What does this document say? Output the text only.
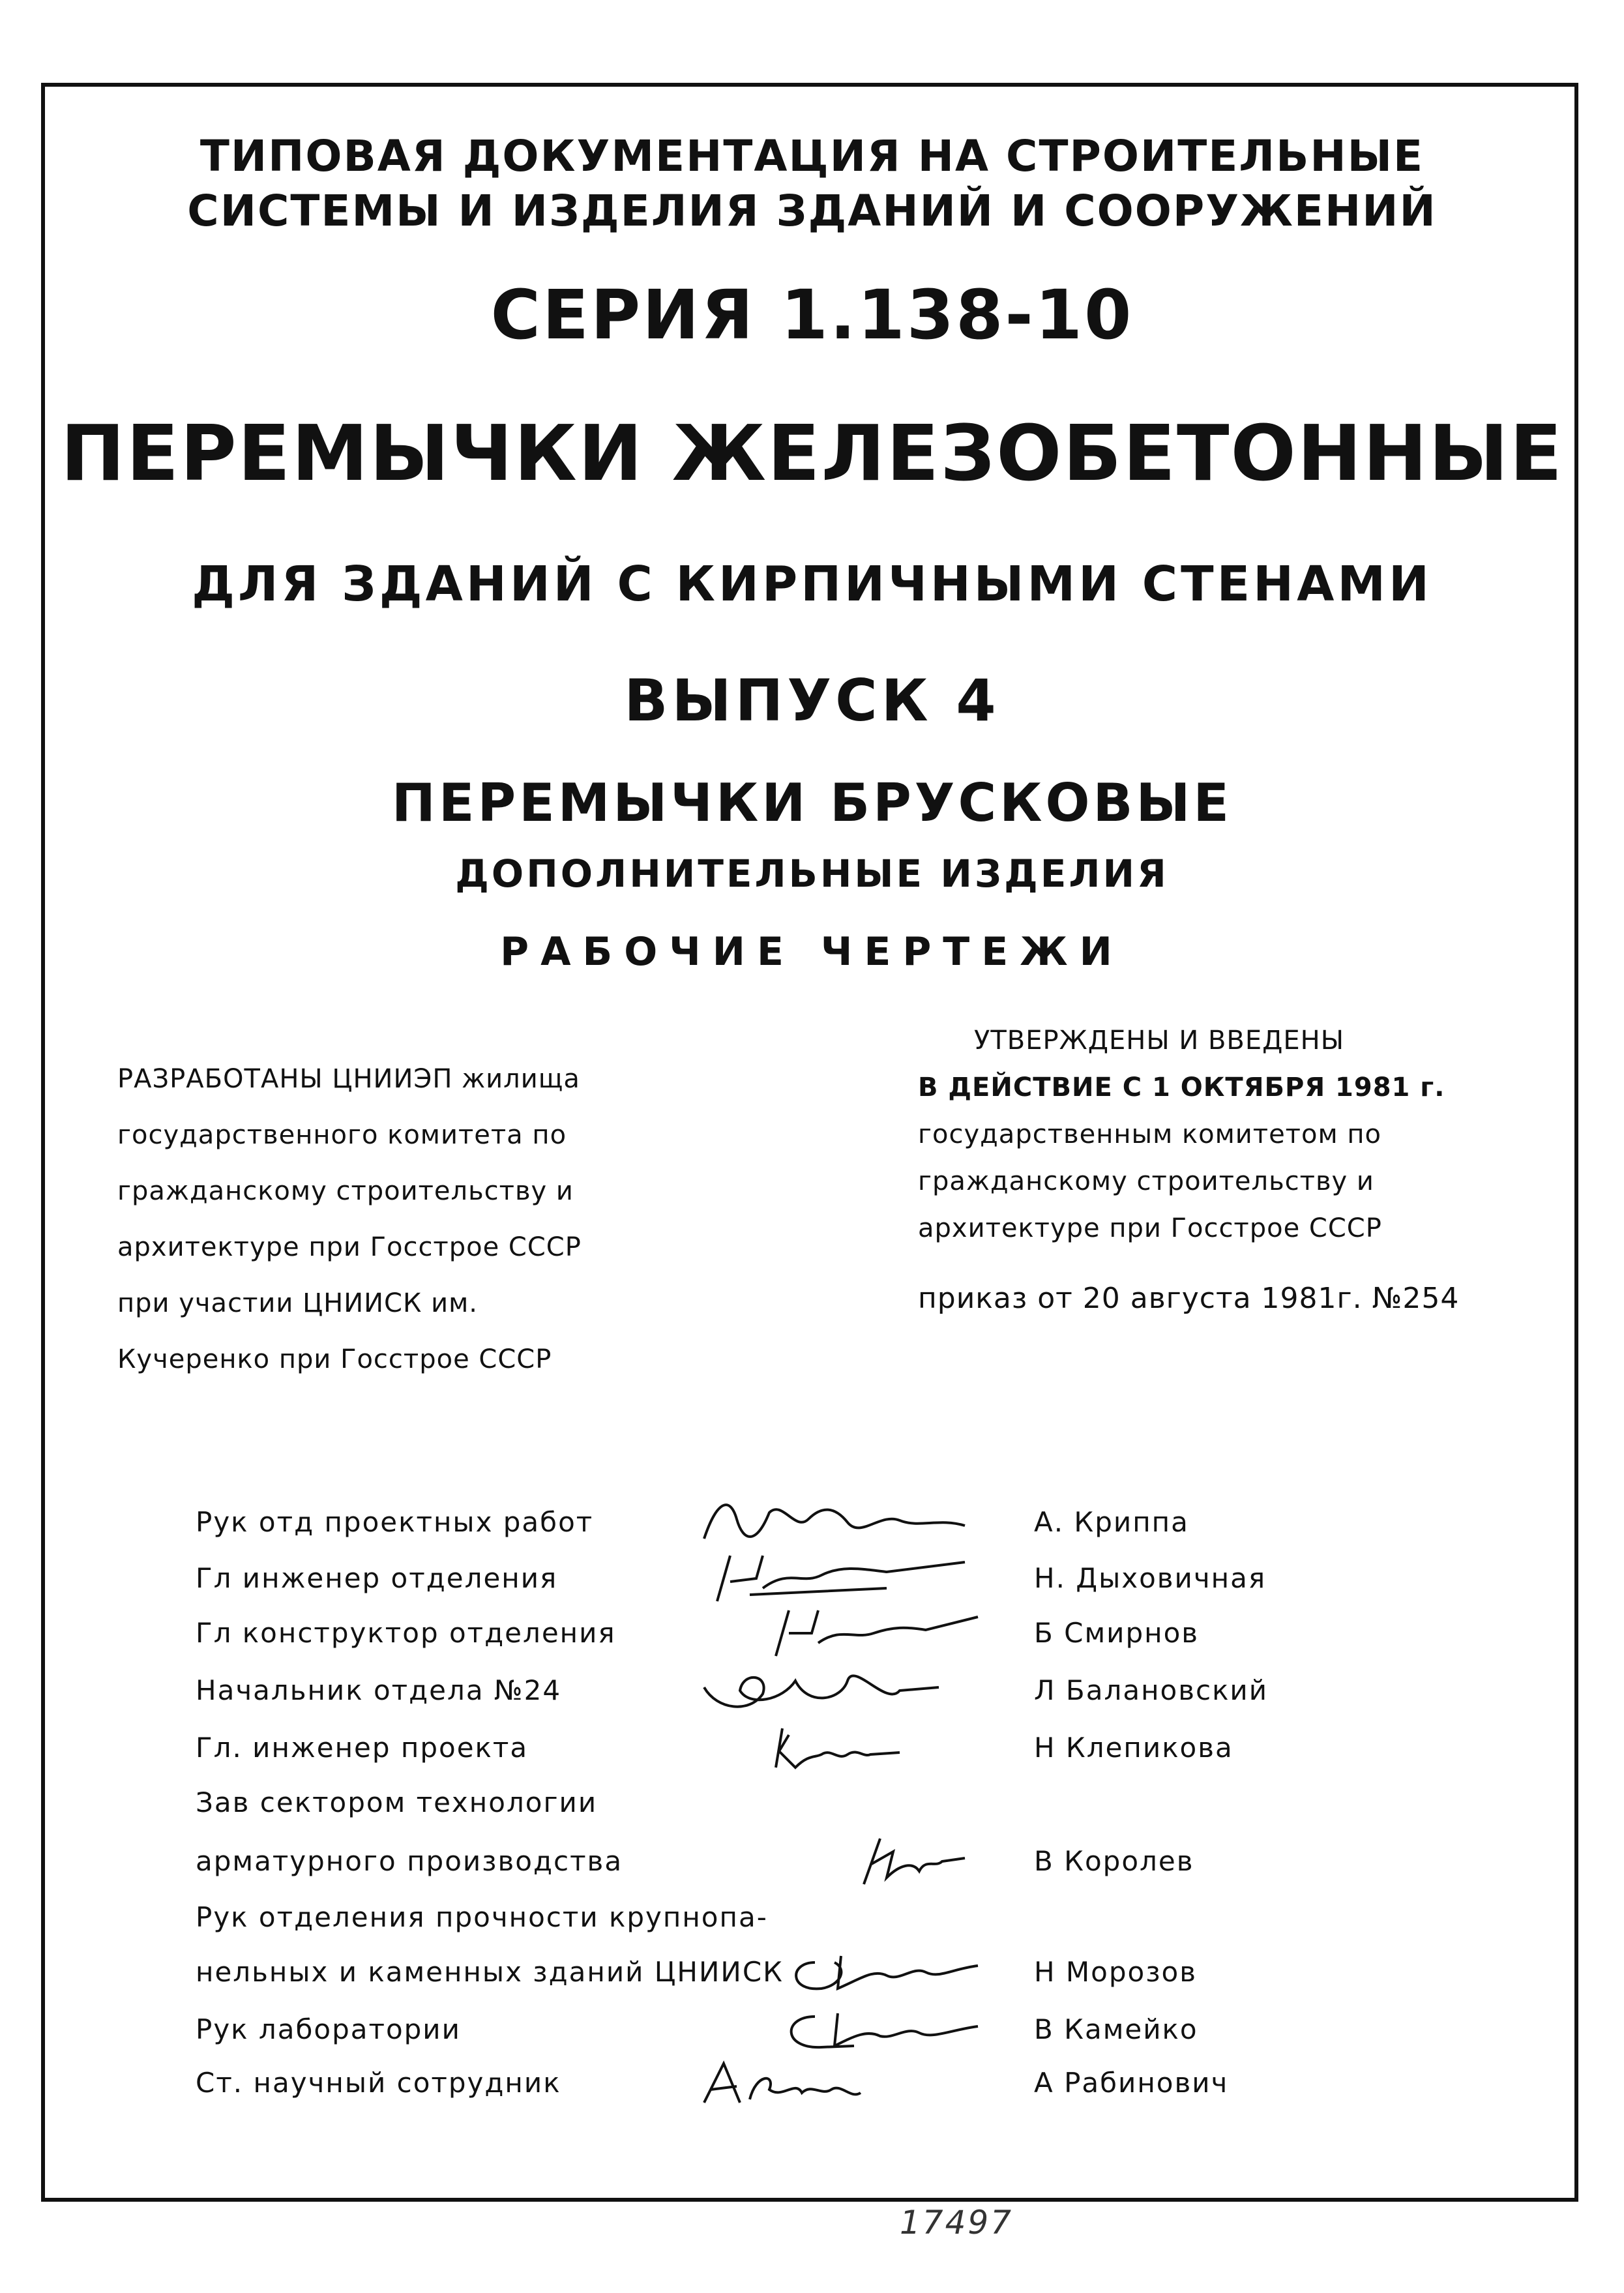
ТИПОВАЯ ДОКУМЕНТАЦИЯ НА СТРОИТЕЛЬНЫЕ
СИСТЕМЫ И ИЗДЕЛИЯ ЗДАНИЙ И СООРУЖЕНИЙ
СЕРИЯ 1.138-10
ПЕРЕМЫЧКИ ЖЕЛЕЗОБЕТОННЫЕ
ДЛЯ ЗДАНИЙ С КИРПИЧНЫМИ СТЕНАМИ
ВЫПУСК 4
ПЕРЕМЫЧКИ БРУСКОВЫЕ
ДОПОЛНИТЕЛЬНЫЕ ИЗДЕЛИЯ
РАБОЧИЕ ЧЕРТЕЖИ
РАЗРАБОТАНЫ ЦНИИЭП жилища
государственного комитета по
гражданскому строительству и
архитектуре при Госстрое СССР
при участии ЦНИИСК им.
Кучеренко при Госстрое СССР
УТВЕРЖДЕНЫ И ВВЕДЕНЫ
В ДЕЙСТВИЕ С 1 ОКТЯБРЯ 1981 г.
государственным комитетом по
гражданскому строительству и
архитектуре при Госстрое СССР
приказ от 20 августа 1981г. №254
Рук отд проектных работ	А. Криппа
Гл инженер отделения	Н. Дыховичная
Гл конструктор отделения	Б Смирнов
Начальник отдела №24	Л Балановский
Гл. инженер проекта	Н Клепикова
Зав сектором технологии
арматурного производства	В Королев
Рук отделения прочности крупнопа-
нельных и каменных зданий ЦНИИСК	Н Морозов
Рук лаборатории	В Камейко
Ст. научный сотрудник	А Рабинович
17497
